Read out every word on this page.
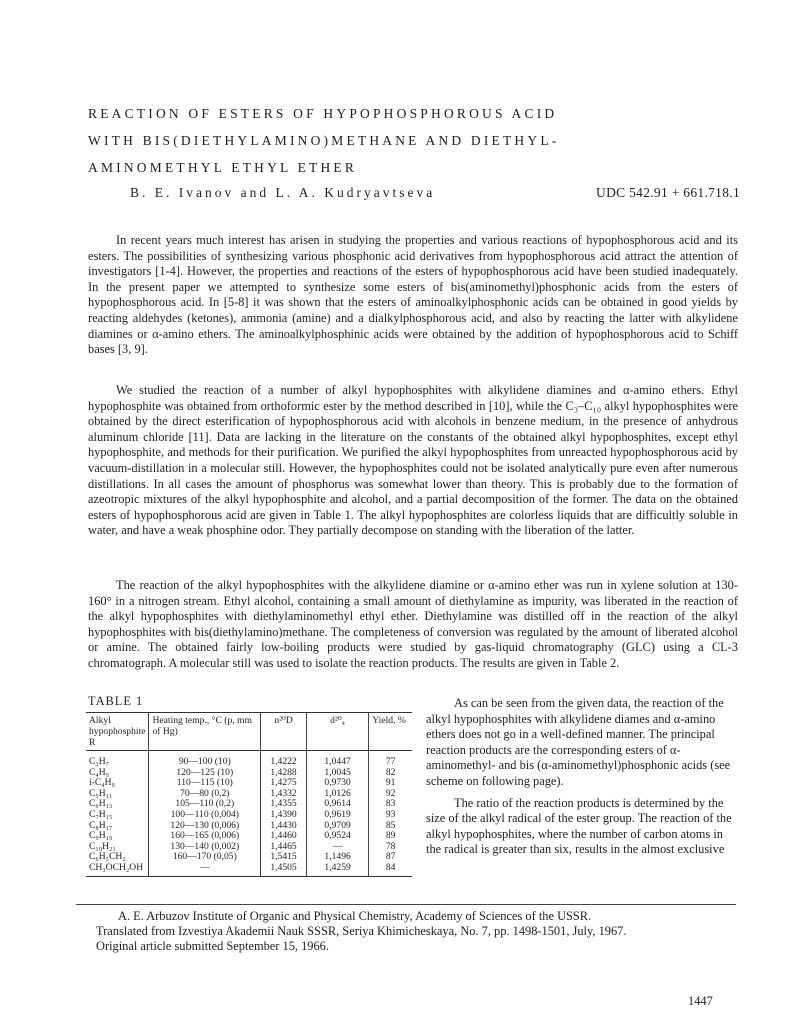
REACTION OF ESTERS OF HYPOPHOSPHOROUS ACID
WITH BIS(DIETHYLAMINO)METHANE AND DIETHYL-
AMINOMETHYL ETHYL ETHER
B. E. Ivanov and L. A. Kudryavtseva	UDC 542.91 + 661.718.1

In recent years much interest has arisen in studying the properties and various reactions of hypophosphorous acid and its esters. The possibilities of synthesizing various phosphonic acid derivatives from hypophosphorous acid attract the attention of investigators [1-4]. However, the properties and reactions of the esters of hypophosphorous acid have been studied inadequately. In the present paper we attempted to synthesize some esters of bis(aminomethyl)phosphonic acids from the esters of hypophosphorous acid. In [5-8] it was shown that the esters of aminoalkylphosphonic acids can be obtained in good yields by reacting aldehydes (ketones), ammonia (amine) and a dialkylphosphorous acid, and also by reacting the latter with alkylidene diamines or α-amino ethers. The aminoalkylphosphinic acids were obtained by the addition of hypophosphorous acid to Schiff bases [3, 9].

We studied the reaction of a number of alkyl hypophosphites with alkylidene diamines and α-amino ethers. Ethyl hypophosphite was obtained from orthoformic ester by the method described in [10], while the C₃–C₁₀ alkyl hypophosphites were obtained by the direct esterification of hypophosphorous acid with alcohols in benzene medium, in the presence of anhydrous aluminum chloride [11]. Data are lacking in the literature on the constants of the obtained alkyl hypophosphites, except ethyl hypophosphite, and methods for their purification. We purified the alkyl hypophosphites from unreacted hypophosphorous acid by vacuum-distillation in a molecular still. However, the hypophosphites could not be isolated analytically pure even after numerous distillations. In all cases the amount of phosphorus was somewhat lower than theory. This is probably due to the formation of azeotropic mixtures of the alkyl hypophosphite and alcohol, and a partial decomposition of the former. The data on the obtained esters of hypophosphorous acid are given in Table 1. The alkyl hypophosphites are colorless liquids that are difficultly soluble in water, and have a weak phosphine odor. They partially decompose on standing with the liberation of the latter.

The reaction of the alkyl hypophosphites with the alkylidene diamine or α-amino ether was run in xylene solution at 130-160° in a nitrogen stream. Ethyl alcohol, containing a small amount of diethylamine as impurity, was liberated in the reaction of the alkyl hypophosphites with diethylaminomethyl ethyl ether. Diethylamine was distilled off in the reaction of the alkyl hypophosphites with bis(diethylamino)methane. The completeness of conversion was regulated by the amount of liberated alcohol or amine. The obtained fairly low-boiling products were studied by gas-liquid chromatography (GLC) using a CL-3 chromatograph. A molecular still was used to isolate the reaction products. The results are given in Table 2.

TABLE 1
Alkyl hypophosphite R	Heating temp., °C (p, mm of Hg)	n²⁰D	d²⁰₄	Yield, %
C₃H₇	90—100 (10)	1,4222	1,0447	77
C₄H₉	120—125 (10)	1,4288	1,0045	82
i-C₄H₉	110—115 (10)	1,4275	0,9730	91
C₅H₁₁	70—80 (0,2)	1,4332	1,0126	92
C₆H₁₃	105—110 (0,2)	1,4355	0,9614	83
C₇H₁₅	100—110 (0,004)	1,4390	0,9619	93
C₈H₁₇	120—130 (0,006)	1,4430	0,9709	85
C₉H₁₉	160—165 (0,006)	1,4460	0,9524	89
C₁₀H₂₁	130—140 (0,002)	1,4465	—	78
C₆H₅CH₂	160—170 (0,05)	1,5415	1,1496	87
CH₃OCH₂OH	—	1,4505	1,4259	84

As can be seen from the given data, the reaction of the alkyl hypophosphites with alkylidene diames and α-amino ethers does not go in a well-defined manner. The principal reaction products are the corresponding esters of α-aminomethyl- and bis (α-aminomethyl)phosphonic acids (see scheme on following page).

The ratio of the reaction products is determined by the size of the alkyl radical of the ester group. The reaction of the alkyl hypophosphites, where the number of carbon atoms in the radical is greater than six, results in the almost exclusive

A. E. Arbuzov Institute of Organic and Physical Chemistry, Academy of Sciences of the USSR.
Translated from Izvestiya Akademii Nauk SSSR, Seriya Khimicheskaya, No. 7, pp. 1498-1501, July, 1967.
Original article submitted September 15, 1966.
1447
